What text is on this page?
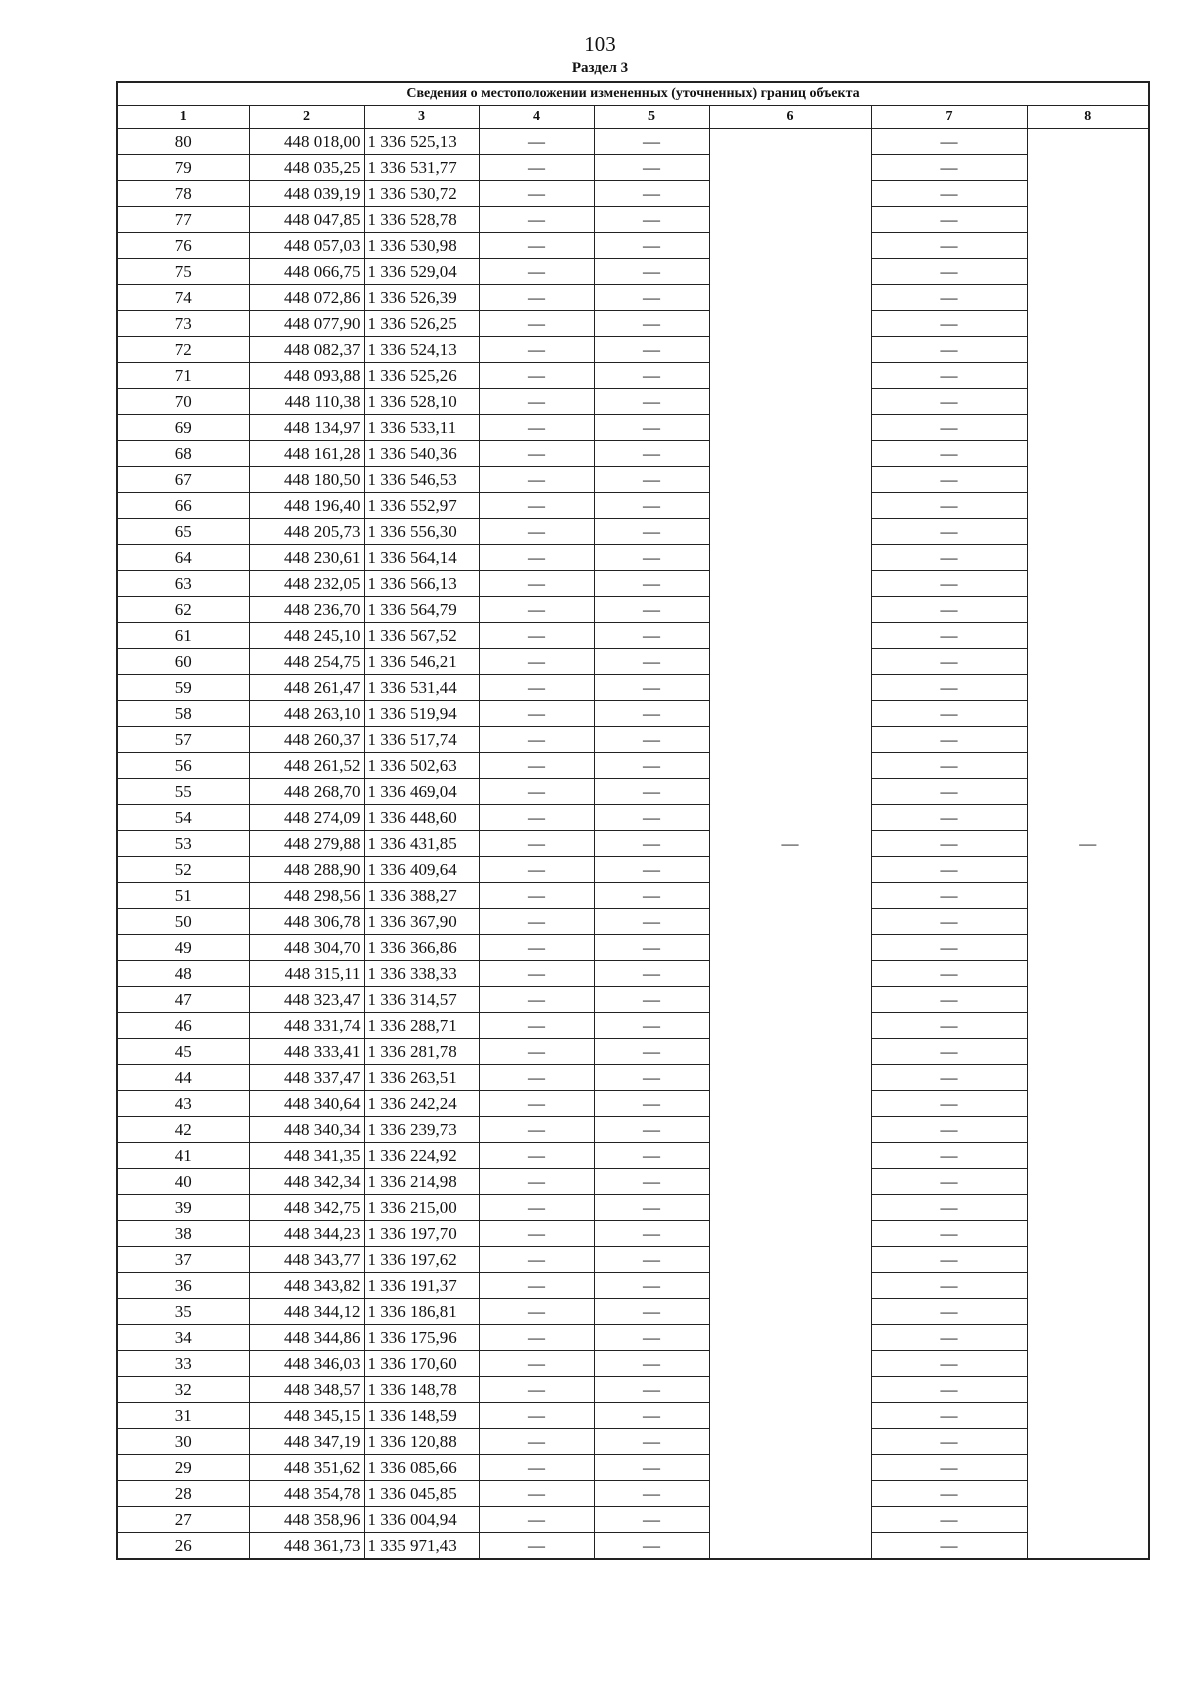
103
Раздел 3
Сведения о местоположении измененных (уточненных) границ объекта							
1	2	3	4	5	6	7	8
80	448 018,00	1 336 525,13	—	—	—	—	—
79	448 035,25	1 336 531,77	—	—		—	
78	448 039,19	1 336 530,72	—	—		—	
77	448 047,85	1 336 528,78	—	—		—	
76	448 057,03	1 336 530,98	—	—		—	
75	448 066,75	1 336 529,04	—	—		—	
74	448 072,86	1 336 526,39	—	—		—	
73	448 077,90	1 336 526,25	—	—		—	
72	448 082,37	1 336 524,13	—	—		—	
71	448 093,88	1 336 525,26	—	—		—	
70	448 110,38	1 336 528,10	—	—		—	
69	448 134,97	1 336 533,11	—	—		—	
68	448 161,28	1 336 540,36	—	—		—	
67	448 180,50	1 336 546,53	—	—		—	
66	448 196,40	1 336 552,97	—	—		—	
65	448 205,73	1 336 556,30	—	—		—	
64	448 230,61	1 336 564,14	—	—		—	
63	448 232,05	1 336 566,13	—	—		—	
62	448 236,70	1 336 564,79	—	—		—	
61	448 245,10	1 336 567,52	—	—		—	
60	448 254,75	1 336 546,21	—	—		—	
59	448 261,47	1 336 531,44	—	—		—	
58	448 263,10	1 336 519,94	—	—		—	
57	448 260,37	1 336 517,74	—	—		—	
56	448 261,52	1 336 502,63	—	—		—	
55	448 268,70	1 336 469,04	—	—		—	
54	448 274,09	1 336 448,60	—	—		—	
53	448 279,88	1 336 431,85	—	—		—	
52	448 288,90	1 336 409,64	—	—		—	
51	448 298,56	1 336 388,27	—	—		—	
50	448 306,78	1 336 367,90	—	—		—	
49	448 304,70	1 336 366,86	—	—		—	
48	448 315,11	1 336 338,33	—	—		—	
47	448 323,47	1 336 314,57	—	—		—	
46	448 331,74	1 336 288,71	—	—		—	
45	448 333,41	1 336 281,78	—	—		—	
44	448 337,47	1 336 263,51	—	—		—	
43	448 340,64	1 336 242,24	—	—		—	
42	448 340,34	1 336 239,73	—	—		—	
41	448 341,35	1 336 224,92	—	—		—	
40	448 342,34	1 336 214,98	—	—		—	
39	448 342,75	1 336 215,00	—	—		—	
38	448 344,23	1 336 197,70	—	—		—	
37	448 343,77	1 336 197,62	—	—		—	
36	448 343,82	1 336 191,37	—	—		—	
35	448 344,12	1 336 186,81	—	—		—	
34	448 344,86	1 336 175,96	—	—		—	
33	448 346,03	1 336 170,60	—	—		—	
32	448 348,57	1 336 148,78	—	—		—	
31	448 345,15	1 336 148,59	—	—		—	
30	448 347,19	1 336 120,88	—	—		—	
29	448 351,62	1 336 085,66	—	—		—	
28	448 354,78	1 336 045,85	—	—		—	
27	448 358,96	1 336 004,94	—	—		—	
26	448 361,73	1 335 971,43	—	—		—	
